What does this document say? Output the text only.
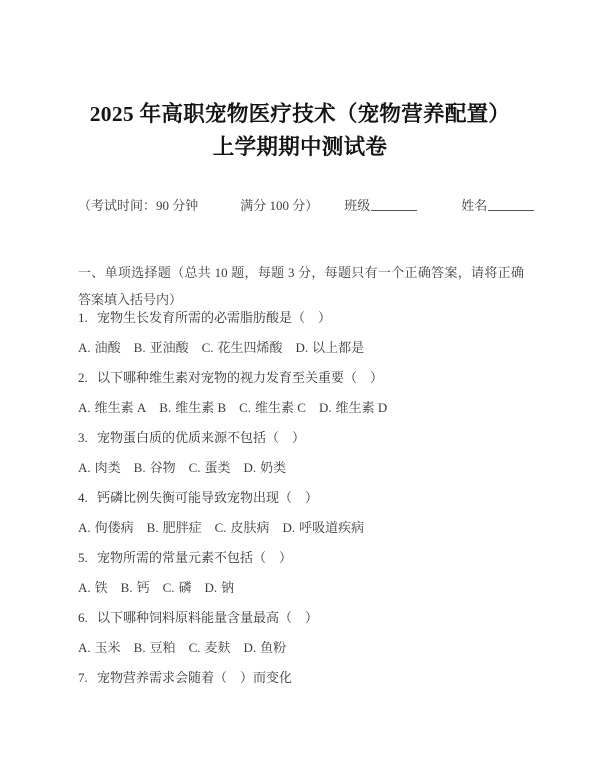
2025 年高职宠物医疗技术（宠物营养配置）
上学期期中测试卷
（考试时间：90 分钟	满分 100 分） 班级	姓名
一、单项选择题（总共 10 题，每题 3 分，每题只有一个正确答案，请将正确答案填入括号内）
1. 宠物生长发育所需的必需脂肪酸是（　）
A. 油酸 B. 亚油酸 C. 花生四烯酸 D. 以上都是
2. 以下哪种维生素对宠物的视力发育至关重要（　）
A. 维生素 A B. 维生素 B C. 维生素 C D. 维生素 D
3. 宠物蛋白质的优质来源不包括（　）
A. 肉类 B. 谷物 C. 蛋类 D. 奶类
4. 钙磷比例失衡可能导致宠物出现（　）
A. 佝偻病 B. 肥胖症 C. 皮肤病 D. 呼吸道疾病
5. 宠物所需的常量元素不包括（　）
A. 铁 B. 钙 C. 磷 D. 钠
6. 以下哪种饲料原料能量含量最高（　）
A. 玉米 B. 豆粕 C. 麦麸 D. 鱼粉
7. 宠物营养需求会随着（　）而变化
